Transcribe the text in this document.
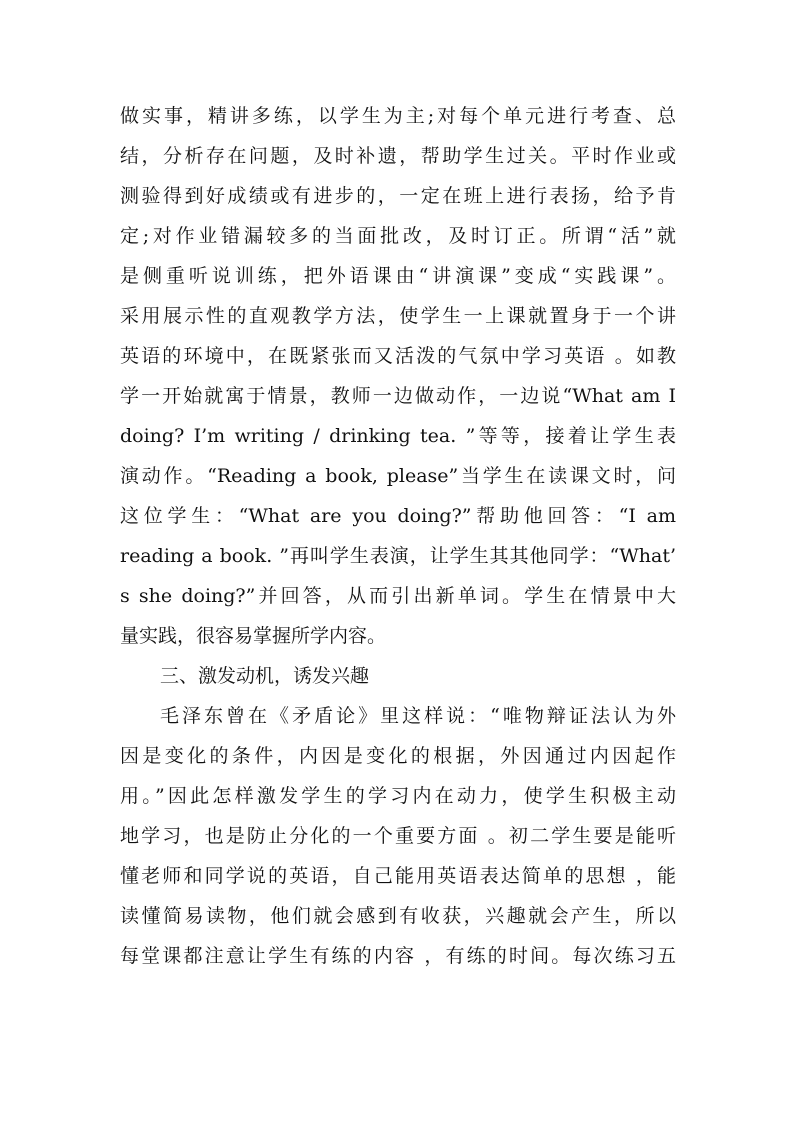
做实事，精讲多练，以学生为主;对每个单元进行考查、总
结，分析存在问题，及时补遗，帮助学生过关。平时作业或
测验得到好成绩或有进步的，一定在班上进行表扬，给予肯
定;对作业错漏较多的当面批改，及时订正。所谓“活”就
是侧重听说训练，把外语课由“讲演课”变成“实践课”。
采用展示性的直观教学方法，使学生一上课就置身于一个讲
英语的环境中，在既紧张而又活泼的气氛中学习英语 。如教
学一开始就寓于情景，教师一边做动作，一边说“What am I
doing? I’m writing / drinking tea. ”等等，接着让学生表
演动作。“Reading a book, please”当学生在读课文时，问
这位学生：“What are you doing?”帮助他回答：“I am
reading a book. ”再叫学生表演，让学生其其他同学：“What’
s she doing?”并回答，从而引出新单词。学生在情景中大
量实践，很容易掌握所学内容。
三、激发动机，诱发兴趣
毛泽东曾在《矛盾论》里这样说：“唯物辩证法认为外
因是变化的条件，内因是变化的根据，外因通过内因起作
用。”因此怎样激发学生的学习内在动力，使学生积极主动
地学习，也是防止分化的一个重要方面 。初二学生要是能听
懂老师和同学说的英语，自己能用英语表达简单的思想 ，能
读懂简易读物，他们就会感到有收获，兴趣就会产生，所以
每堂课都注意让学生有练的内容 ，有练的时间。每次练习五
